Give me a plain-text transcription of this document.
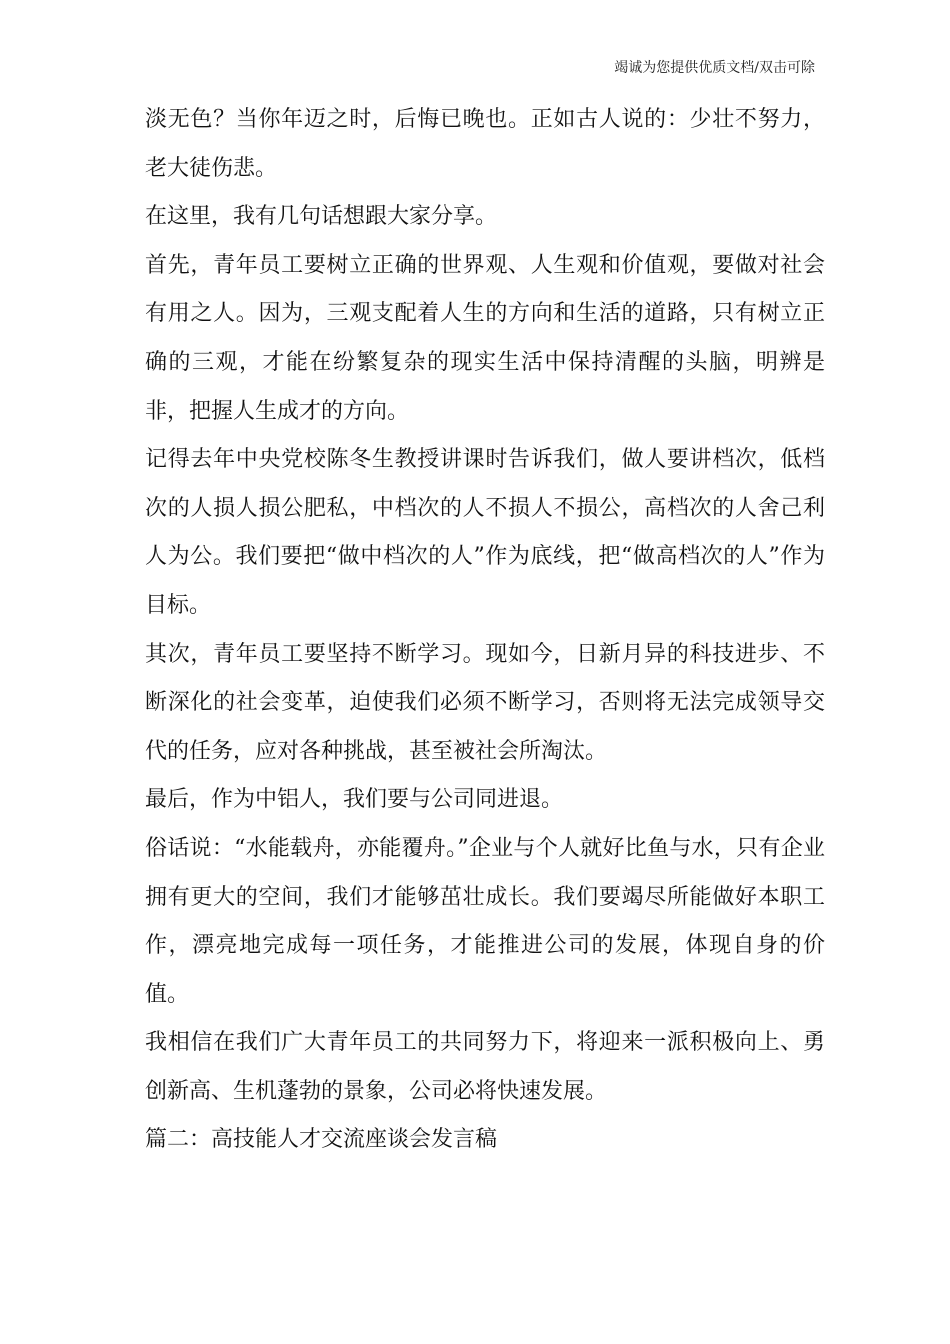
竭诚为您提供优质文档/双击可除

淡无色？当你年迈之时，后悔已晚也。正如古人说的：少壮不努力，老大徒伤悲。

在这里，我有几句话想跟大家分享。

首先，青年员工要树立正确的世界观、人生观和价值观，要做对社会有用之人。因为，三观支配着人生的方向和生活的道路，只有树立正确的三观，才能在纷繁复杂的现实生活中保持清醒的头脑，明辨是非，把握人生成才的方向。

记得去年中央党校陈冬生教授讲课时告诉我们，做人要讲档次，低档次的人损人损公肥私，中档次的人不损人不损公，高档次的人舍己利人为公。我们要把“做中档次的人”作为底线，把“做高档次的人”作为目标。

其次，青年员工要坚持不断学习。现如今，日新月异的科技进步、不断深化的社会变革，迫使我们必须不断学习，否则将无法完成领导交代的任务，应对各种挑战，甚至被社会所淘汰。

最后，作为中铝人，我们要与公司同进退。

俗话说：“水能载舟，亦能覆舟。”企业与个人就好比鱼与水，只有企业拥有更大的空间，我们才能够茁壮成长。我们要竭尽所能做好本职工作，漂亮地完成每一项任务，才能推进公司的发展，体现自身的价值。

我相信在我们广大青年员工的共同努力下，将迎来一派积极向上、勇创新高、生机蓬勃的景象，公司必将快速发展。

篇二：高技能人才交流座谈会发言稿
